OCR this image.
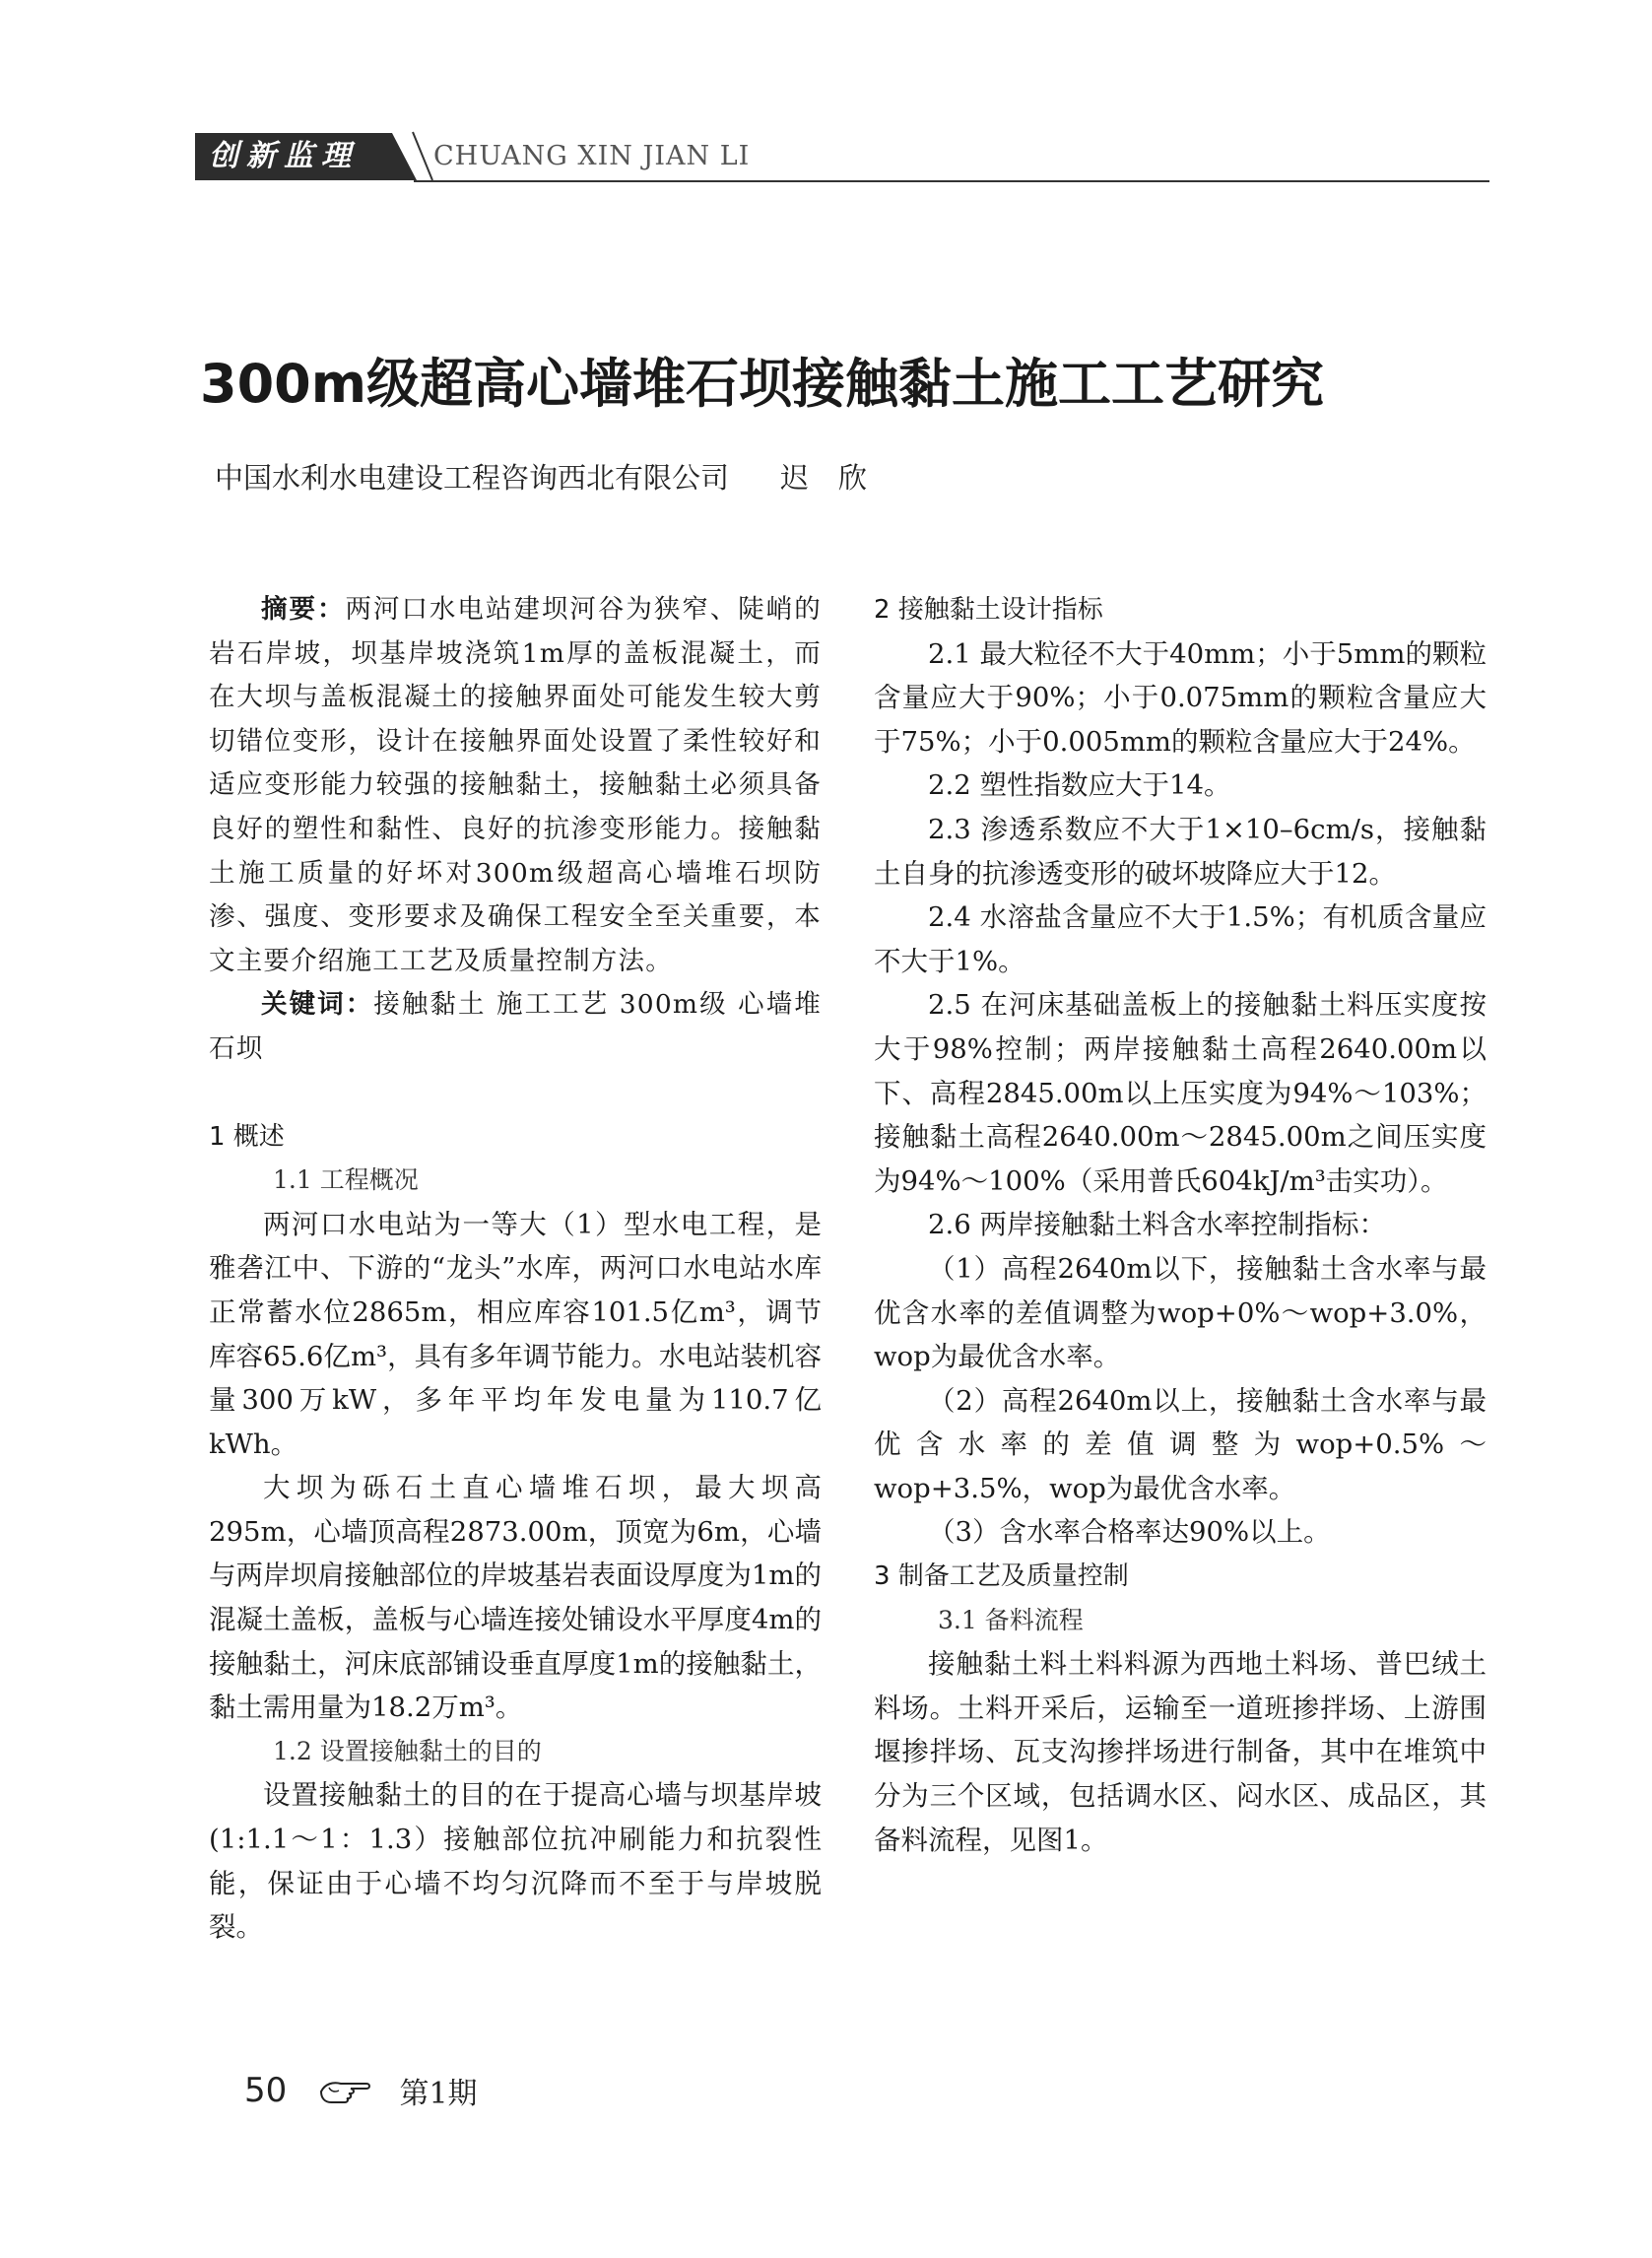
创新监理	CHUANG XIN JIAN LI
300m级超高心墙堆石坝接触黏土施工工艺研究
中国水利水电建设工程咨询西北有限公司 迟欣

摘要：两河口水电站建坝河谷为狭窄、陡峭的岩石岸坡，坝基岸坡浇筑1m厚的盖板混凝土，而在大坝与盖板混凝土的接触界面处可能发生较大剪切错位变形，设计在接触界面处设置了柔性较好和适应变形能力较强的接触黏土，接触黏土必须具备良好的塑性和黏性、良好的抗渗变形能力。接触黏土施工质量的好坏对300m级超高心墙堆石坝防渗、强度、变形要求及确保工程安全至关重要，本文主要介绍施工工艺及质量控制方法。

关键词：接触黏土 施工工艺 300m级 心墙堆石坝

1 概述

1.1 工程概况

两河口水电站为一等大（1）型水电工程，是雅砻江中、下游的“龙头”水库，两河口水电站水库正常蓄水位2865m，相应库容101.5亿m³，调节库容65.6亿m³，具有多年调节能力。水电站装机容量300万kW，多年平均年发电量为110.7亿kWh。

大坝为砾石土直心墙堆石坝，最大坝高295m，心墙顶高程2873.00m，顶宽为6m，心墙与两岸坝肩接触部位的岸坡基岩表面设厚度为1m的混凝土盖板，盖板与心墙连接处铺设水平厚度4m的接触黏土，河床底部铺设垂直厚度1m的接触黏土，黏土需用量为18.2万m³。

1.2 设置接触黏土的目的

设置接触黏土的目的在于提高心墙与坝基岸坡(1:1.1～1：1.3）接触部位抗冲刷能力和抗裂性能，保证由于心墙不均匀沉降而不至于与岸坡脱裂。

2 接触黏土设计指标

2.1 最大粒径不大于40mm；小于5mm的颗粒含量应大于90%；小于0.075mm的颗粒含量应大于75%；小于0.005mm的颗粒含量应大于24%。

2.2 塑性指数应大于14。

2.3 渗透系数应不大于1×10–6cm/s，接触黏土自身的抗渗透变形的破坏坡降应大于12。

2.4 水溶盐含量应不大于1.5%；有机质含量应不大于1%。

2.5 在河床基础盖板上的接触黏土料压实度按大于98%控制；两岸接触黏土高程2640.00m以下、高程2845.00m以上压实度为94%～103%；接触黏土高程2640.00m～2845.00m之间压实度为94%～100%（采用普氏604kJ/m³击实功）。

2.6 两岸接触黏土料含水率控制指标：

（1）高程2640m以下，接触黏土含水率与最优含水率的差值调整为wop+0%～wop+3.0%，wop为最优含水率。

（2）高程2640m以上，接触黏土含水率与最优含水率的差值调整为wop+0.5%～wop+3.5%，wop为最优含水率。

（3）含水率合格率达90%以上。

3 制备工艺及质量控制

3.1 备料流程

接触黏土料土料料源为西地土料场、普巴绒土料场。土料开采后，运输至一道班掺拌场、上游围堰掺拌场、瓦支沟掺拌场进行制备，其中在堆筑中分为三个区域，包括调水区、闷水区、成品区，其备料流程，见图1。

50	第1期
